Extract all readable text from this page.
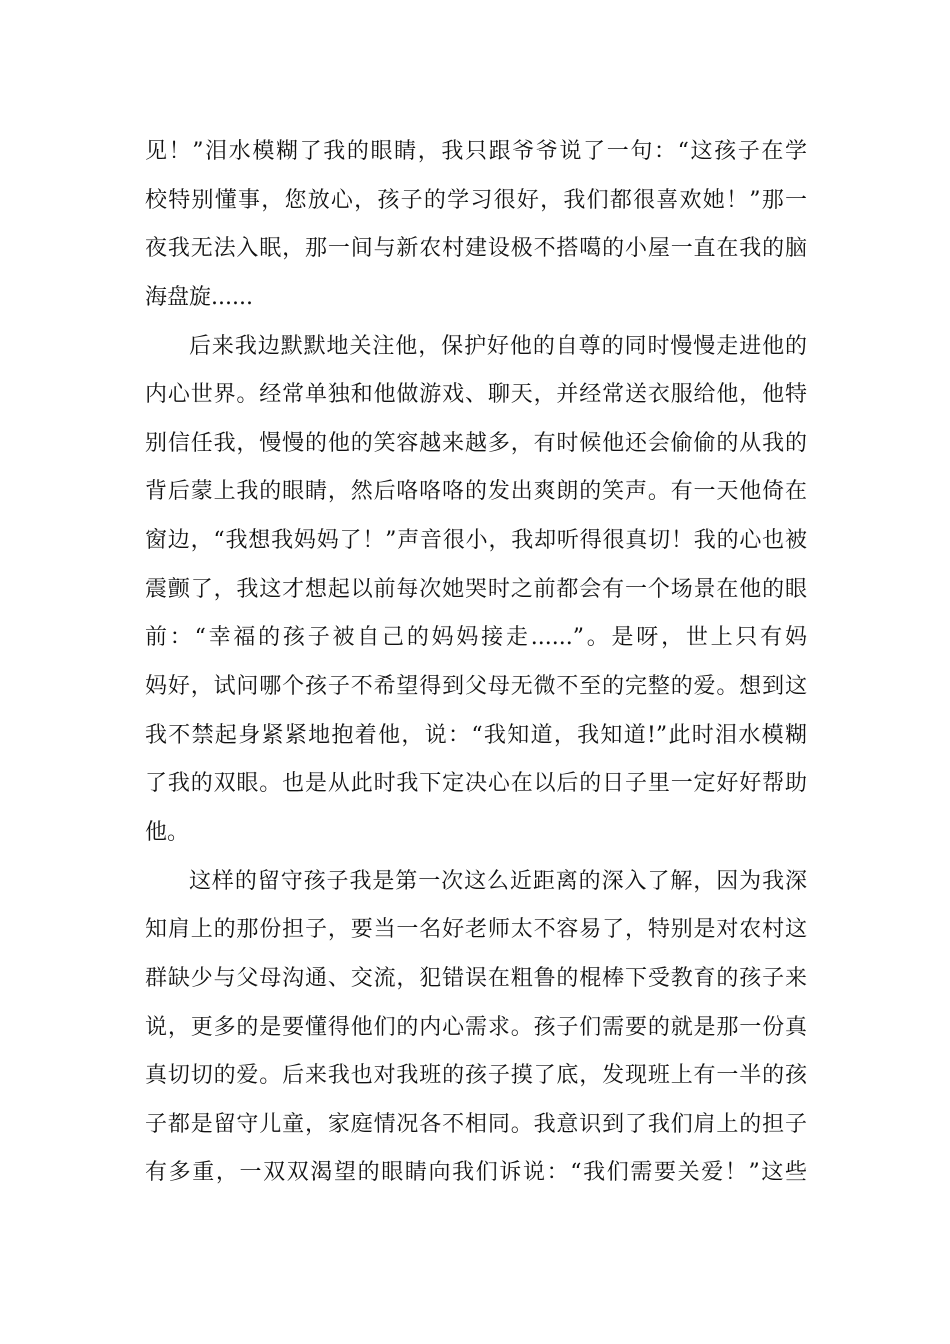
见！”泪水模糊了我的眼睛，我只跟爷爷说了一句：“这孩子在学
校特别懂事，您放心，孩子的学习很好，我们都很喜欢她！”那一
夜我无法入眠，那一间与新农村建设极不搭噶的小屋一直在我的脑
海盘旋......
后来我边默默地关注他，保护好他的自尊的同时慢慢走进他的
内心世界。经常单独和他做游戏、聊天，并经常送衣服给他，他特
别信任我，慢慢的他的笑容越来越多，有时候他还会偷偷的从我的
背后蒙上我的眼睛，然后咯咯咯的发出爽朗的笑声。有一天他倚在
窗边，“我想我妈妈了！”声音很小，我却听得很真切！我的心也被
震颤了，我这才想起以前每次她哭时之前都会有一个场景在他的眼
前：“幸福的孩子被自己的妈妈接走......”。是呀，世上只有妈
妈好，试问哪个孩子不希望得到父母无微不至的完整的爱。想到这
我不禁起身紧紧地抱着他，说：“我知道，我知道!”此时泪水模糊
了我的双眼。也是从此时我下定决心在以后的日子里一定好好帮助
他。
这样的留守孩子我是第一次这么近距离的深入了解，因为我深
知肩上的那份担子，要当一名好老师太不容易了，特别是对农村这
群缺少与父母沟通、交流，犯错误在粗鲁的棍棒下受教育的孩子来
说，更多的是要懂得他们的内心需求。孩子们需要的就是那一份真
真切切的爱。后来我也对我班的孩子摸了底，发现班上有一半的孩
子都是留守儿童，家庭情况各不相同。我意识到了我们肩上的担子
有多重，一双双渴望的眼睛向我们诉说：“我们需要关爱！”这些
